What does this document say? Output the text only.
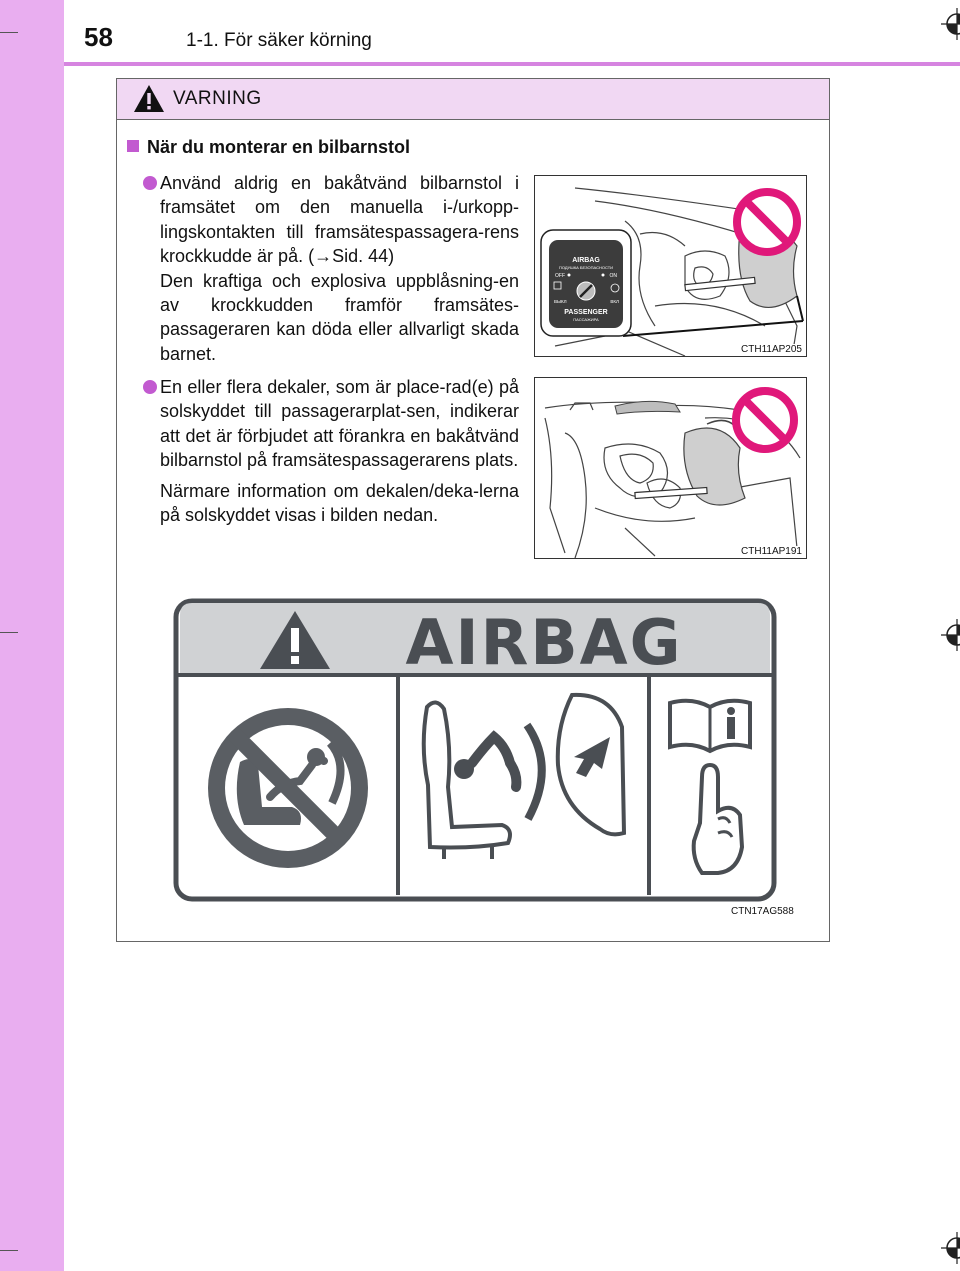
58	1-1. För säker körning
VARNING
När du monterar en bilbarnstol

Använd aldrig en bakåtvänd bilbarnstol i framsätet om den manuella i-/urkopp-lingskontakten till framsätespassagera-rens krockkudde är på. (→Sid. 44)

Den kraftiga och explosiva uppblåsning-en av krockkudden framför framsätes-passageraren kan döda eller allvarligt skada barnet.

En eller flera dekaler, som är place-rad(e) på solskyddet till passagerarplat-sen, indikerar att det är förbjudet att förankra en bakåtvänd bilbarnstol på framsätespassagerarens plats.

Närmare information om dekalen/deka-lerna på solskyddet visas i bilden nedan.

AIRBAG
ПОДУШКА БЕЗОПАСНОСТИ
OFF	ON
ВЫКЛ	ВКЛ
PASSENGER
ПАССАЖИРА
CTH11AP205
CTH11AP191
AIRBAG
CTN17AG588
